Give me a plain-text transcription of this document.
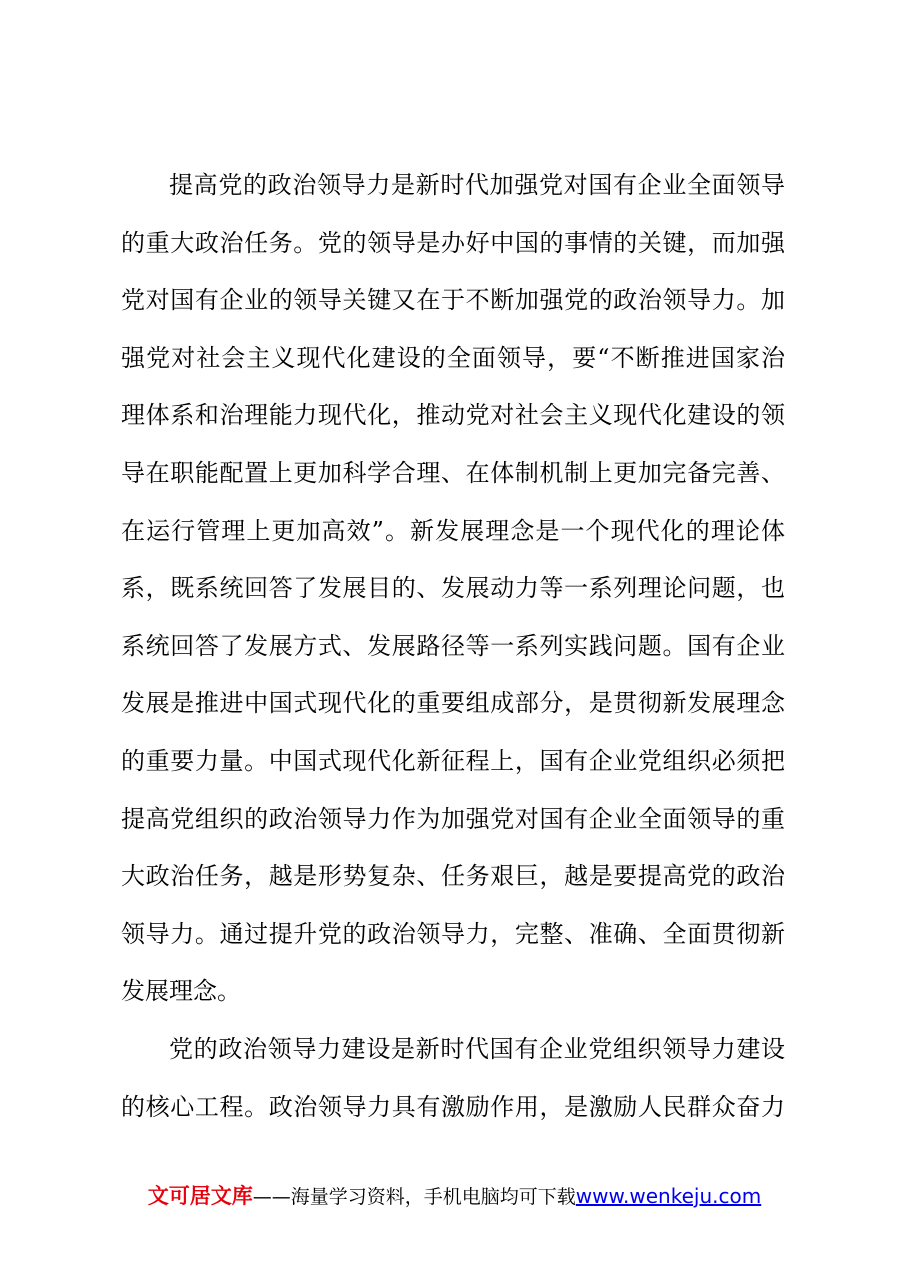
提高党的政治领导力是新时代加强党对国有企业全面领导
的重大政治任务。党的领导是办好中国的事情的关键，而加强
党对国有企业的领导关键又在于不断加强党的政治领导力。加
强党对社会主义现代化建设的全面领导，要“不断推进国家治
理体系和治理能力现代化，推动党对社会主义现代化建设的领
导在职能配置上更加科学合理、在体制机制上更加完备完善、
在运行管理上更加高效”。新发展理念是一个现代化的理论体
系，既系统回答了发展目的、发展动力等一系列理论问题，也
系统回答了发展方式、发展路径等一系列实践问题。国有企业
发展是推进中国式现代化的重要组成部分，是贯彻新发展理念
的重要力量。中国式现代化新征程上，国有企业党组织必须把
提高党组织的政治领导力作为加强党对国有企业全面领导的重
大政治任务，越是形势复杂、任务艰巨，越是要提高党的政治
领导力。通过提升党的政治领导力，完整、准确、全面贯彻新
发展理念。
党的政治领导力建设是新时代国有企业党组织领导力建设
的核心工程。政治领导力具有激励作用，是激励人民群众奋力
文可居文库——海量学习资料，手机电脑均可下载www.wenkeju.com
